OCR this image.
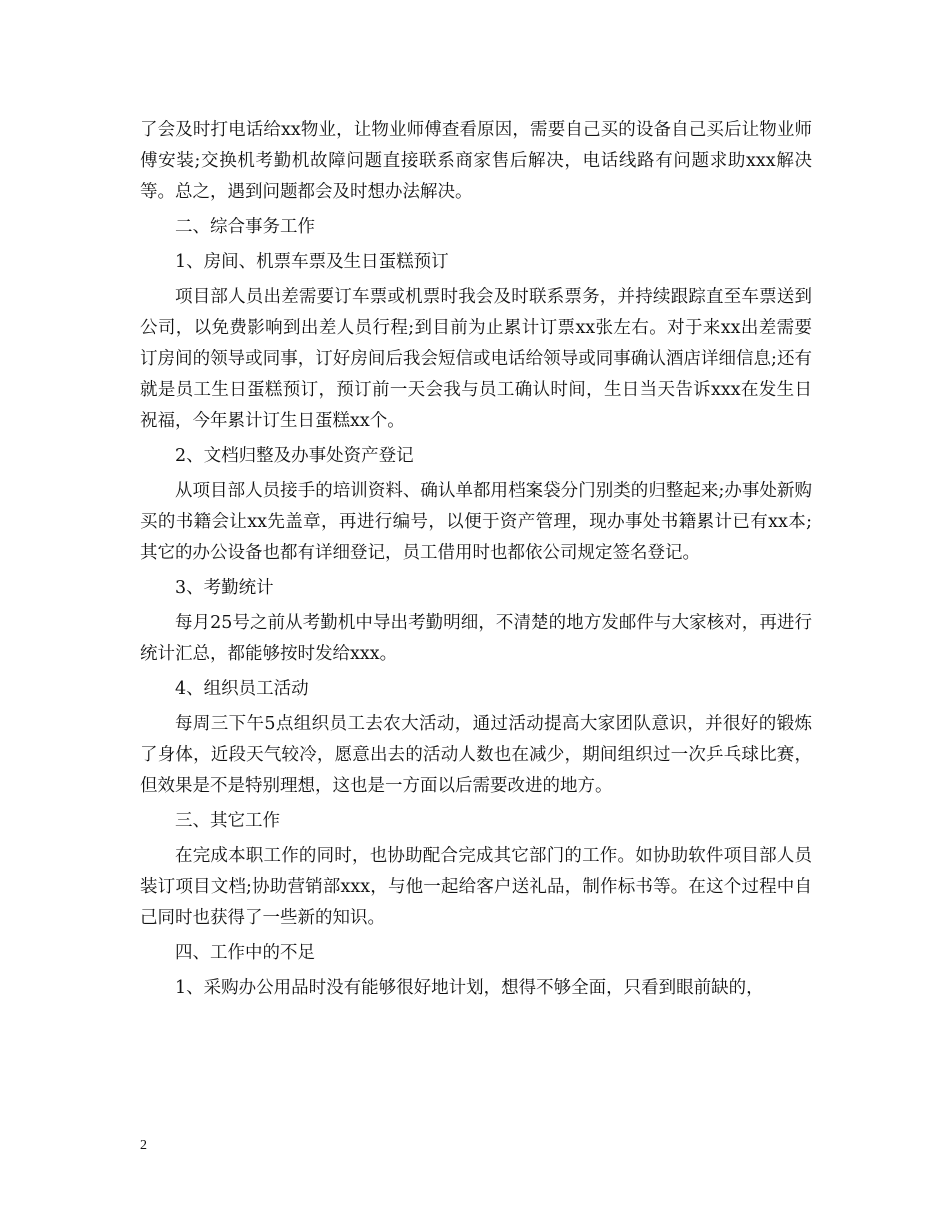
了会及时打电话给xx物业，让物业师傅查看原因，需要自己买的设备自己买后让物业师傅安装;交换机考勤机故障问题直接联系商家售后解决，电话线路有问题求助xxx解决等。总之，遇到问题都会及时想办法解决。

二、综合事务工作

1、房间、机票车票及生日蛋糕预订

项目部人员出差需要订车票或机票时我会及时联系票务，并持续跟踪直至车票送到公司，以免费影响到出差人员行程;到目前为止累计订票xx张左右。对于来xx出差需要订房间的领导或同事，订好房间后我会短信或电话给领导或同事确认酒店详细信息;还有就是员工生日蛋糕预订，预订前一天会我与员工确认时间，生日当天告诉xxx在发生日祝福，今年累计订生日蛋糕xx个。

2、文档归整及办事处资产登记

从项目部人员接手的培训资料、确认单都用档案袋分门别类的归整起来;办事处新购买的书籍会让xx先盖章，再进行编号，以便于资产管理，现办事处书籍累计已有xx本;其它的办公设备也都有详细登记，员工借用时也都依公司规定签名登记。

3、考勤统计

每月25号之前从考勤机中导出考勤明细，不清楚的地方发邮件与大家核对，再进行统计汇总，都能够按时发给xxx。

4、组织员工活动

每周三下午5点组织员工去农大活动，通过活动提高大家团队意识，并很好的锻炼了身体，近段天气较冷，愿意出去的活动人数也在减少，期间组织过一次乒乓球比赛，但效果是不是特别理想，这也是一方面以后需要改进的地方。

三、其它工作

在完成本职工作的同时，也协助配合完成其它部门的工作。如协助软件项目部人员装订项目文档;协助营销部xxx，与他一起给客户送礼品，制作标书等。在这个过程中自己同时也获得了一些新的知识。

四、工作中的不足

1、采购办公用品时没有能够很好地计划，想得不够全面，只看到眼前缺的，

2
